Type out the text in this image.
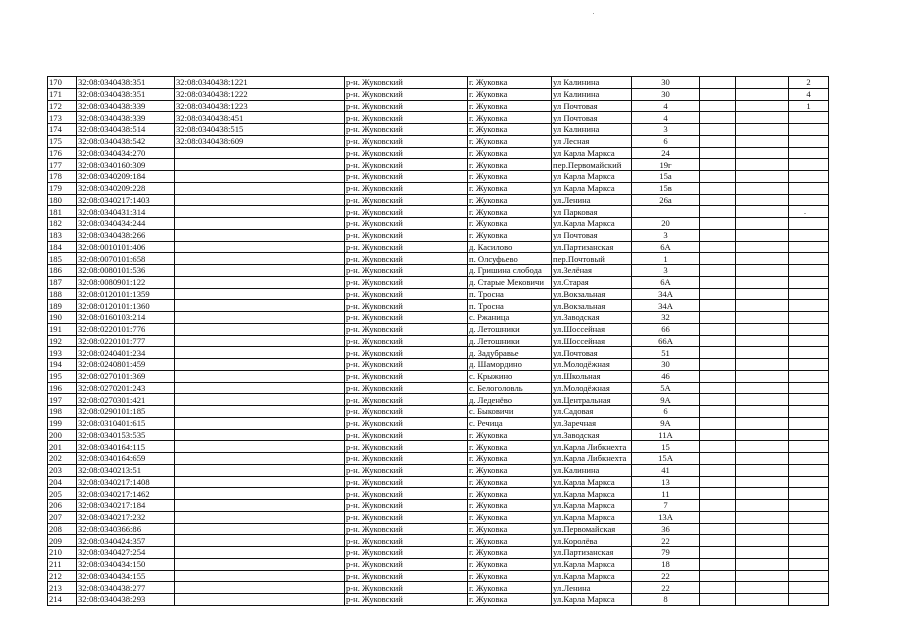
170	32:08:0340438:351	32:08:0340438:1221	р-н. Жуковский	г. Жуковка	ул Калинина	30			2
171	32:08:0340438:351	32:08:0340438:1222	р-н. Жуковский	г. Жуковка	ул Калинина	30			4
172	32:08:0340438:339	32:08:0340438:1223	р-н. Жуковский	г. Жуковка	ул Почтовая	4			1
173	32:08:0340438:339	32:08:0340438:451	р-н. Жуковский	г. Жуковка	ул Почтовая	4			
174	32:08:0340438:514	32:08:0340438:515	р-н. Жуковский	г. Жуковка	ул Калинина	3			
175	32:08:0340438:542	32:08:0340438:609	р-н. Жуковский	г. Жуковка	ул Лесная	6			
176	32:08:0340434:270		р-н. Жуковский	г. Жуковка	ул Карла Маркса	24			
177	32:08:0340160:309		р-н. Жуковский	г. Жуковка	пер.Первомайский	19г			
178	32:08:0340209:184		р-н. Жуковский	г. Жуковка	ул Карла Маркса	15а			
179	32:08:0340209:228		р-н. Жуковский	г. Жуковка	ул Карла Маркса	15в			
180	32:08:0340217:1403		р-н. Жуковский	г. Жуковка	ул.Ленина	26а			
181	32:08:0340431:314		р-н. Жуковский	г. Жуковка	ул Парковая				
182	32:08:0340434:244		р-н. Жуковский	г. Жуковка	ул.Карла Маркса	20			
183	32:08:0340438:266		р-н. Жуковский	г. Жуковка	ул Почтовая	3			
184	32:08:0010101:406		р-н. Жуковский	д. Касилово	ул.Партизанская	6А			
185	32:08:0070101:658		р-н. Жуковский	п. Олсуфьево	пер.Почтовый	1			
186	32:08:0080101:536		р-н. Жуковский	д. Гришина слобода	ул.Зелёная	3			
187	32:08:0080901:122		р-н. Жуковский	д. Старые Мековичи	ул.Старая	6А			
188	32:08:0120101:1359		р-н. Жуковский	п. Тросна	ул.Вокзальная	34А			
189	32:08:0120101:1360		р-н. Жуковский	п. Тросна	ул.Вокзальная	34А			
190	32:08:0160103:214		р-н. Жуковский	с. Ржаница	ул.Заводская	32			
191	32:08:0220101:776		р-н. Жуковский	д. Летошники	ул.Шоссейная	66			
192	32:08:0220101:777		р-н. Жуковский	д. Летошники	ул.Шоссейная	66А			
193	32:08:0240401:234		р-н. Жуковский	д. Задубравье	ул.Почтовая	51			
194	32:08:0240801:459		р-н. Жуковский	д. Шамордино	ул.Молодёжная	30			
195	32:08:0270101:369		р-н. Жуковский	с. Крыжино	ул.Школьная	46			
196	32:08:0270201:243		р-н. Жуковский	с. Белоголовль	ул.Молодёжная	5А			
197	32:08:0270301:421		р-н. Жуковский	д. Леденёво	ул.Центральная	9А			
198	32:08:0290101:185		р-н. Жуковский	с. Быковичи	ул.Садовая	6			
199	32:08:0310401:615		р-н. Жуковский	с. Речица	ул.Заречная	9А			
200	32:08:0340153:535		р-н. Жуковский	г. Жуковка	ул.Заводская	11А			
201	32:08:0340164:115		р-н. Жуковский	г. Жуковка	ул.Карла Либкнехта	15			
202	32:08:0340164:659		р-н. Жуковский	г. Жуковка	ул.Карла Либкнехта	15А			
203	32:08:0340213:51		р-н. Жуковский	г. Жуковка	ул.Калинина	41			
204	32:08:0340217:1408		р-н. Жуковский	г. Жуковка	ул.Карла Маркса	13			
205	32:08:0340217:1462		р-н. Жуковский	г. Жуковка	ул.Карла Маркса	11			
206	32:08:0340217:184		р-н. Жуковский	г. Жуковка	ул.Карла Маркса	7			
207	32:08:0340217:232		р-н. Жуковский	г. Жуковка	ул.Карла Маркса	13А			
208	32:08:0340366:86		р-н. Жуковский	г. Жуковка	ул.Первомайская	36			
209	32:08:0340424:357		р-н. Жуковский	г. Жуковка	ул.Королёва	22			
210	32:08:0340427:254		р-н. Жуковский	г. Жуковка	ул.Партизанская	79			
211	32:08:0340434:150		р-н. Жуковский	г. Жуковка	ул.Карла Маркса	18			
212	32:08:0340434:155		р-н. Жуковский	г. Жуковка	ул.Карла Маркса	22			
213	32:08:0340438:277		р-н. Жуковский	г. Жуковка	ул.Ленина	22			
214	32:08:0340438:293		р-н. Жуковский	г. Жуковка	ул.Карла Маркса	8			
